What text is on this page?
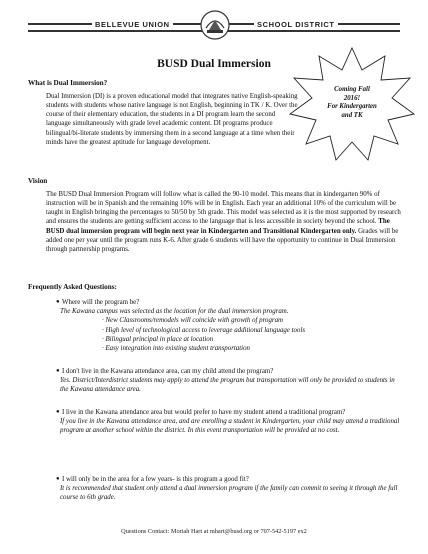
BELLEVUE UNION	SCHOOL DISTRICT
BUSD Dual Immersion
Coming Fall
2016!
For Kindergarten
and TK
What is Dual Immersion?

Dual Immersion (DI) is a proven educational model that integrates native English-speaking students with students whose native language is not English, beginning in TK / K. Over the course of their elementary education, the students in a DI program learn the second language simultaneously with grade level academic content. DI programs produce bilingual/bi-literate students by immersing them in a second language at a time when their minds have the greatest aptitude for language development.

Vision

The BUSD Dual Immersion Program will follow what is called the 90-10 model. This means that in kindergarten 90% of instruction will be in Spanish and the remaining 10% will be in English. Each year an additional 10% of the curriculum will be taught in English bringing the percentages to 50/50 by 5th grade. This model was selected as it is the most supported by research and ensures the students are getting sufficient access to the language that is less accessible in society beyond the school. The BUSD dual immersion program will begin next year in Kindergarten and Transitional Kindergarten only. Grades will be added one per year until the program runs K-6. After grade 6 students will have the opportunity to continue in Dual Immersion through partnership programs.

Frequently Asked Questions:
● Where will the program be?

The Kawana campus was selected as the location for the dual immersion program.

· New Classrooms/remodels will coincide with growth of program
· High level of technological access to leverage additional language tools
· Bilingual principal in place at location
· Easy integration into existing student transportation
● I don't live in the Kawana attendance area, can my child attend the program?

Yes. District/Interdistrict students may apply to attend the program but transportation will only be provided to students in the Kawana attendance area.

● I live in the Kawana attendance area but would prefer to have my student attend a traditional program?

If you live in the Kawana attendance area, and are enrolling a student in Kindergarten, your child may attend a traditional program at another school within the district. In this event transportation will be provided at no cost.

● I will only be in the area for a few years- is this program a good fit?

It is recommended that student only attend a dual immersion program if the family can commit to seeing it through the full course to 6th grade.

Questions Contact: Moriah Hart at mhart@busd.org or 707-542-5197 ex2
